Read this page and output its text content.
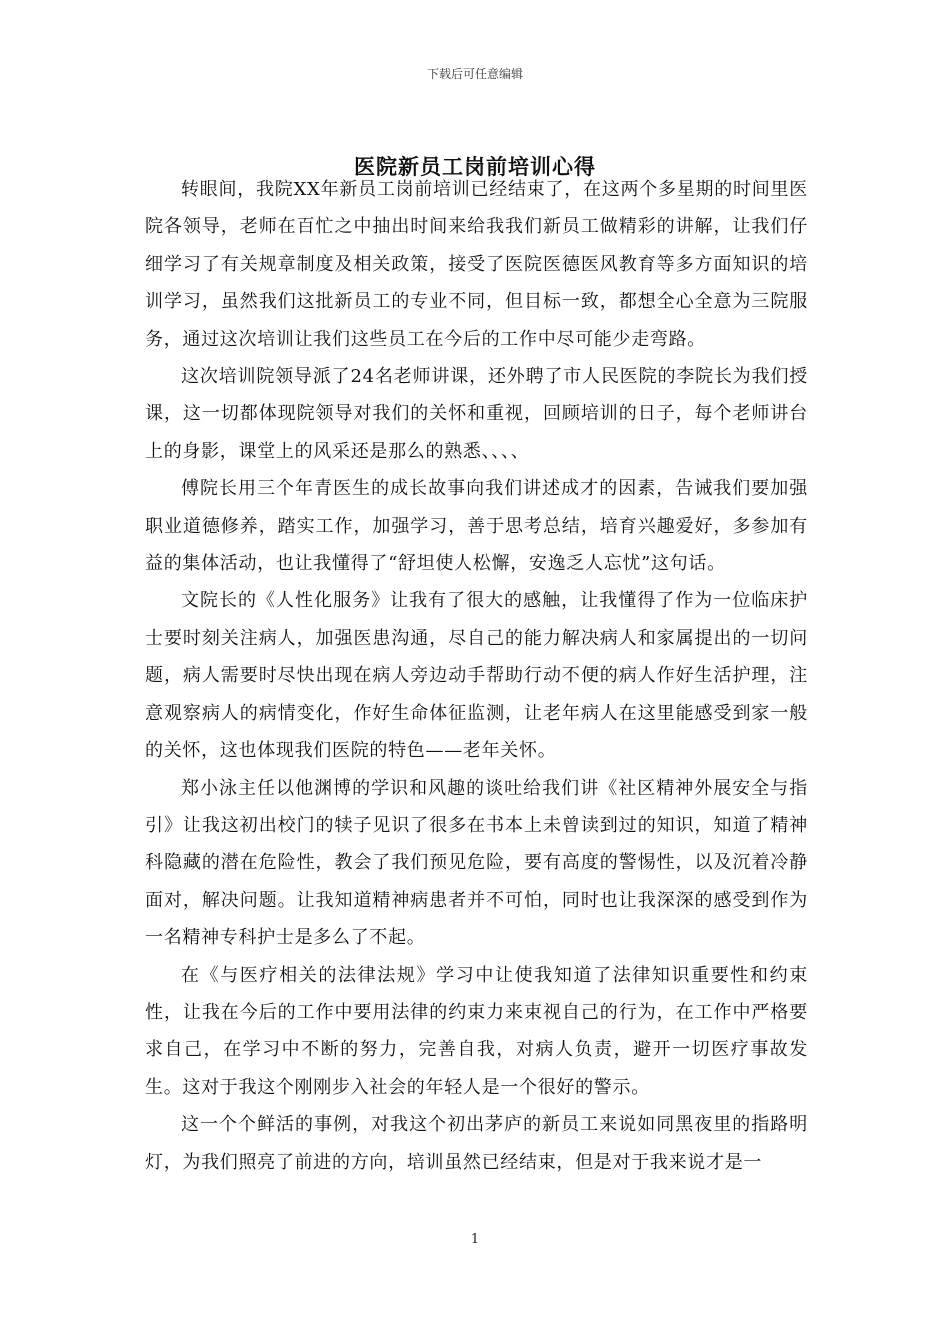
下载后可任意编辑
医院新员工岗前培训心得

转眼间，我院XX年新员工岗前培训已经结束了，在这两个多星期的时间里医院各领导，老师在百忙之中抽出时间来给我我们新员工做精彩的讲解，让我们仔细学习了有关规章制度及相关政策，接受了医院医德医风教育等多方面知识的培训学习，虽然我们这批新员工的专业不同，但目标一致，都想全心全意为三院服务，通过这次培训让我们这些员工在今后的工作中尽可能少走弯路。

这次培训院领导派了24名老师讲课，还外聘了市人民医院的李院长为我们授课，这一切都体现院领导对我们的关怀和重视，回顾培训的日子，每个老师讲台上的身影，课堂上的风采还是那么的熟悉、、、、

傅院长用三个年青医生的成长故事向我们讲述成才的因素，告诫我们要加强职业道德修养，踏实工作，加强学习，善于思考总结，培育兴趣爱好，多参加有益的集体活动，也让我懂得了“舒坦使人松懈，安逸乏人忘忧”这句话。

文院长的《人性化服务》让我有了很大的感触，让我懂得了作为一位临床护士要时刻关注病人，加强医患沟通，尽自己的能力解决病人和家属提出的一切问题，病人需要时尽快出现在病人旁边动手帮助行动不便的病人作好生活护理，注意观察病人的病情变化，作好生命体征监测，让老年病人在这里能感受到家一般的关怀，这也体现我们医院的特色——老年关怀。

郑小泳主任以他渊博的学识和风趣的谈吐给我们讲《社区精神外展安全与指引》让我这初出校门的犊子见识了很多在书本上未曾读到过的知识，知道了精神科隐藏的潜在危险性，教会了我们预见危险，要有高度的警惕性，以及沉着冷静面对，解决问题。让我知道精神病患者并不可怕，同时也让我深深的感受到作为一名精神专科护士是多么了不起。

在《与医疗相关的法律法规》学习中让使我知道了法律知识重要性和约束性，让我在今后的工作中要用法律的约束力来束视自己的行为，在工作中严格要求自己，在学习中不断的努力，完善自我，对病人负责，避开一切医疗事故发生。这对于我这个刚刚步入社会的年轻人是一个很好的警示。

这一个个鲜活的事例，对我这个初出茅庐的新员工来说如同黑夜里的指路明灯，为我们照亮了前进的方向，培训虽然已经结束，但是对于我来说才是一

1
